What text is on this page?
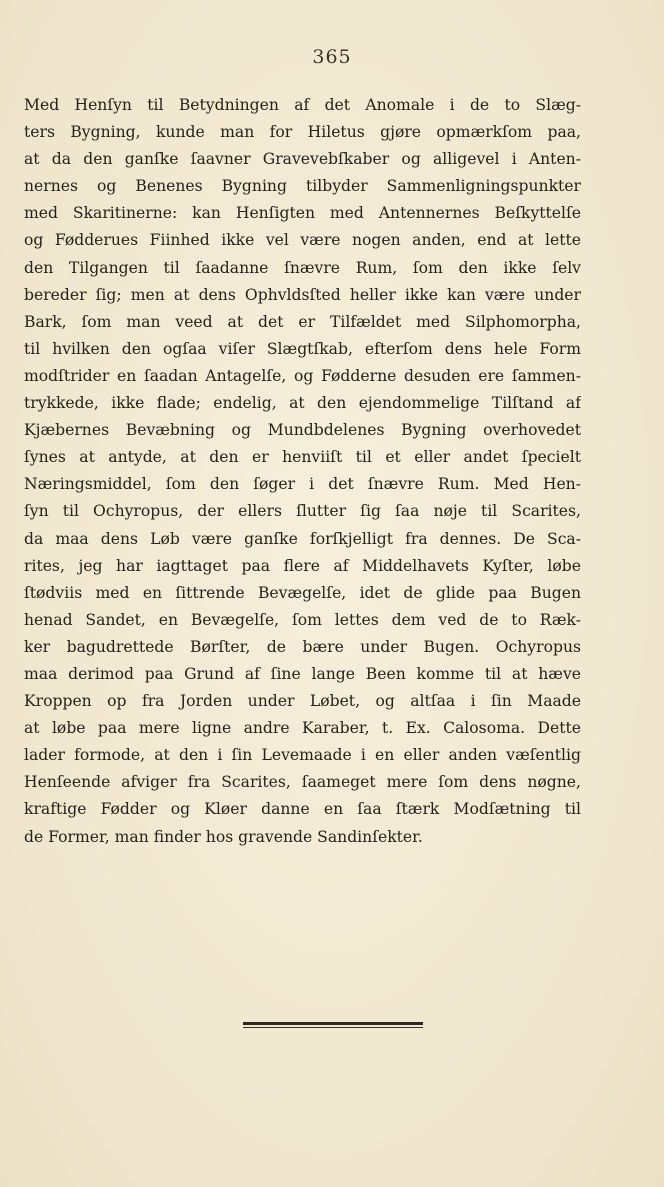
365
Med Henſyn til Betydningen af det Anomale i de to Slæg-
ters Bygning, kunde man for Hiletus gjøre opmærkſom paa,
at da den ganſke ſaavner Gravevebſkaber og alligevel i Anten-
nernes og Benenes Bygning tilbyder Sammenligningspunkter
med Skaritinerne: kan Henſigten med Antennernes Beſkyttelſe
og Fødderues Fiinhed ikke vel være nogen anden, end at lette
den Tilgangen til ſaadanne ſnævre Rum, ſom den ikke ſelv
bereder ſig; men at dens Ophvldsſted heller ikke kan være under
Bark, ſom man veed at det er Tilfældet med Silphomorpha,
til hvilken den ogſaa viſer Slægtſkab, efterſom dens hele Form
modſtrider en ſaadan Antagelſe, og Fødderne desuden ere ſammen-
trykkede, ikke flade; endelig, at den ejendommelige Tilſtand af
Kjæbernes Bevæbning og Mundbdelenes Bygning overhovedet
ſynes at antyde, at den er henviiſt til et eller andet ſpecielt
Næringsmiddel, ſom den ſøger i det ſnævre Rum. Med Hen-
ſyn til Ochyropus, der ellers ſlutter ſig ſaa nøje til Scarites,
da maa dens Løb være ganſke forſkjelligt fra dennes. De Sca-
rites, jeg har iagttaget paa flere af Middelhavets Kyſter, løbe
ſtødviis med en ſittrende Bevægelſe, idet de glide paa Bugen
henad Sandet, en Bevægelſe, ſom lettes dem ved de to Ræk-
ker bagudrettede Børſter, de bære under Bugen. Ochyropus
maa derimod paa Grund af ſine lange Been komme til at hæve
Kroppen op fra Jorden under Løbet, og altſaa i ſin Maade
at løbe paa mere ligne andre Karaber, t. Ex. Calosoma. Dette
lader formode, at den i ſin Levemaade i en eller anden væſentlig
Henſeende afviger fra Scarites, ſaameget mere ſom dens nøgne,
kraftige Fødder og Kløer danne en ſaa ſtærk Modſætning til
de Former, man finder hos gravende Sandinſekter.
